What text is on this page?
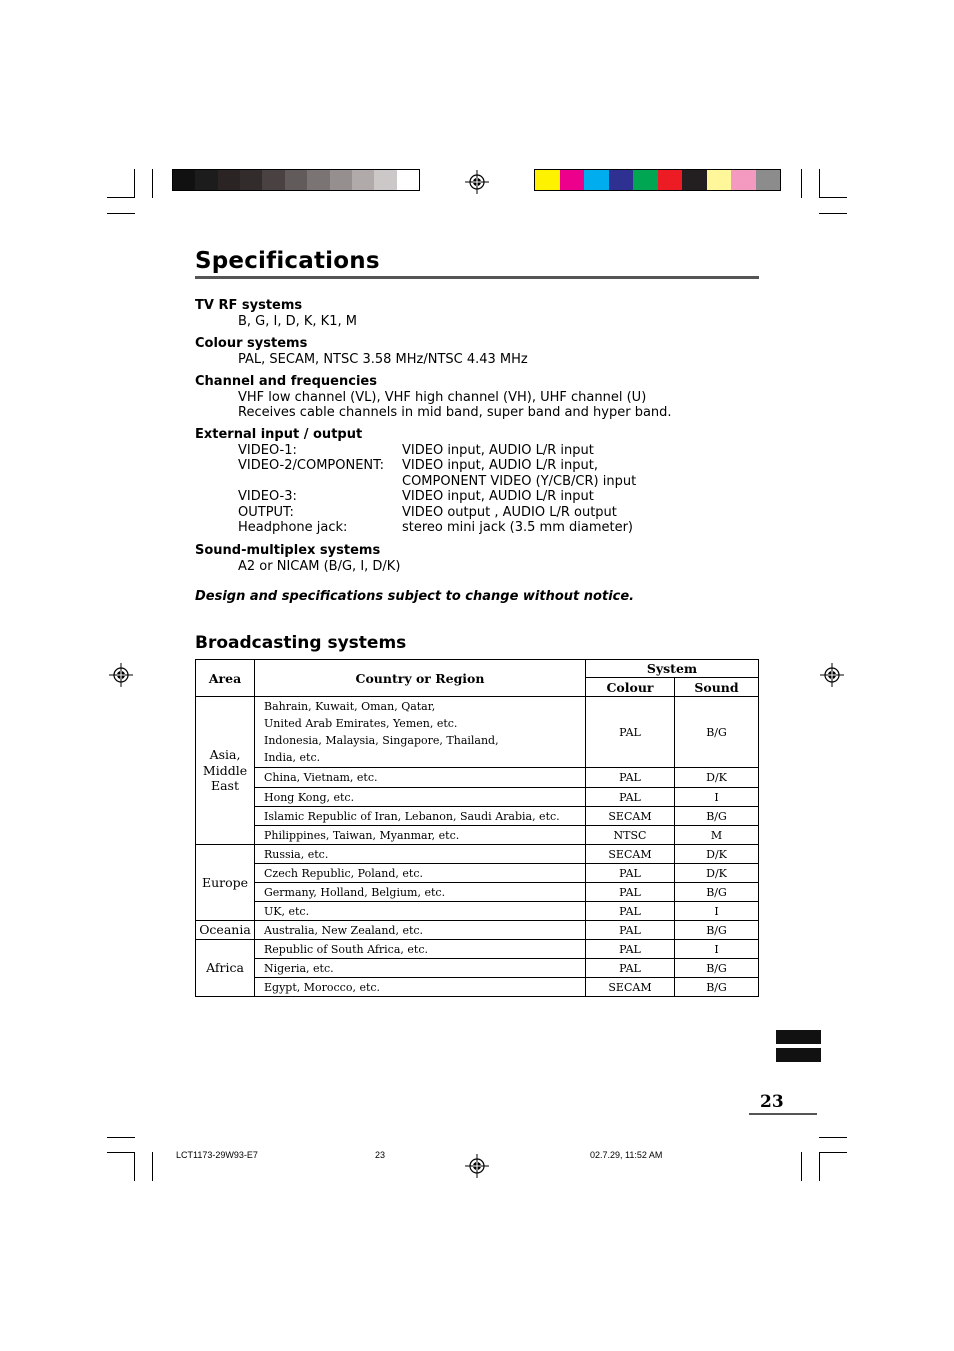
Specifications
TV RF systems
B, G, I, D, K, K1, M
Colour systems
PAL, SECAM, NTSC 3.58 MHz/NTSC 4.43 MHz
Channel and frequencies
VHF low channel (VL), VHF high channel (VH), UHF channel (U)
Receives cable channels in mid band, super band and hyper band.
External input / output
VIDEO-1:	VIDEO input, AUDIO L/R input
VIDEO-2/COMPONENT:	VIDEO input, AUDIO L/R input,
COMPONENT VIDEO (Y/CB/CR) input
VIDEO-3:	VIDEO input, AUDIO L/R input
OUTPUT:	VIDEO output , AUDIO L/R output
Headphone jack:	stereo mini jack (3.5 mm diameter)
Sound-multiplex systems
A2 or NICAM (B/G, I, D/K)
Design and specifications subject to change without notice.
Broadcasting systems
Area	Country or Region	System	
		Colour	Sound
Asia,
Middle
East	Bahrain, Kuwait, Oman, Qatar,
United Arab Emirates, Yemen, etc.
Indonesia, Malaysia, Singapore, Thailand,
India, etc.	PAL	B/G
	China, Vietnam, etc.	PAL	D/K
	Hong Kong, etc.	PAL	I
	Islamic Republic of Iran, Lebanon, Saudi Arabia, etc.	SECAM	B/G
	Philippines, Taiwan, Myanmar, etc.	NTSC	M
Europe	Russia, etc.	SECAM	D/K
	Czech Republic, Poland, etc.	PAL	D/K
	Germany, Holland, Belgium, etc.	PAL	B/G
	UK, etc.	PAL	I
Oceania	Australia, New Zealand, etc.	PAL	B/G
Africa	Republic of South Africa, etc.	PAL	I
	Nigeria, etc.	PAL	B/G
	Egypt, Morocco, etc.	SECAM	B/G
23
LCT1173-29W93-E7	23	02.7.29, 11:52 AM
